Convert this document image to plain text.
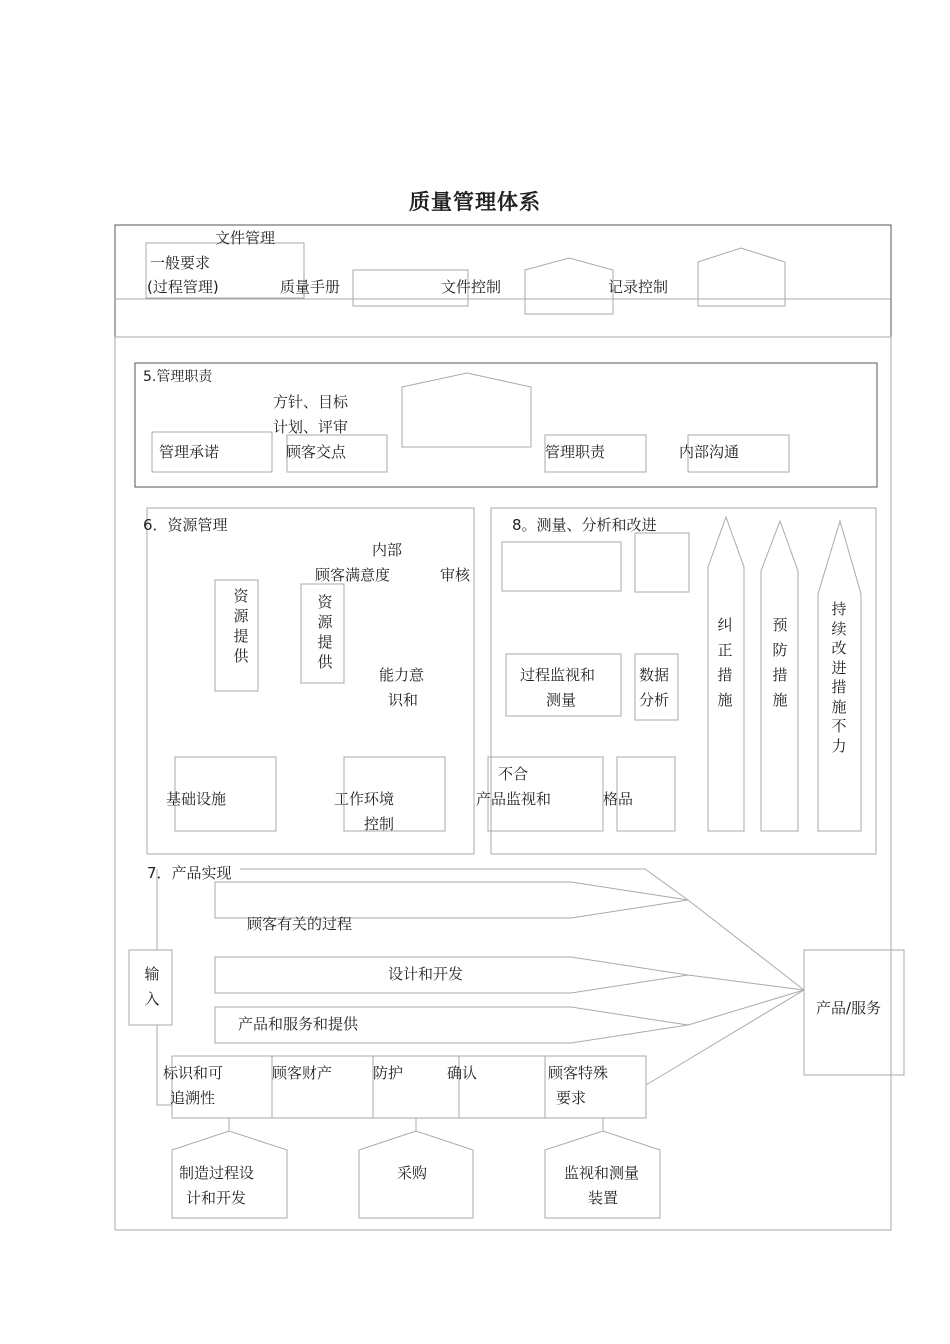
质量管理体系
文件管理
一般要求
(过程管理)	质量手册	文件控制	记录控制
5.管理职责
方针、目标
计划、评审
管理承诺	顾客交点	管理职责	内部沟通
6．资源管理
内部
顾客满意度	审核
资
源
提
供
资
源
提
供
能力意
识和
基础设施	工作环境
控制
8。测量、分析和改进
过程监视和
测量
数据
分析
不合
产品监视和	格品
纠
正
措
施
预
防
措
施
持
续
改
进
措
施
不
力
7．产品实现
顾客有关的过程
设计和开发
产品和服务和提供
输
入	产品/服务
标识和可
追溯性
顾客财产	防护	确认	顾客特殊
要求
制造过程设
计和开发
采购	监视和测量
装置
